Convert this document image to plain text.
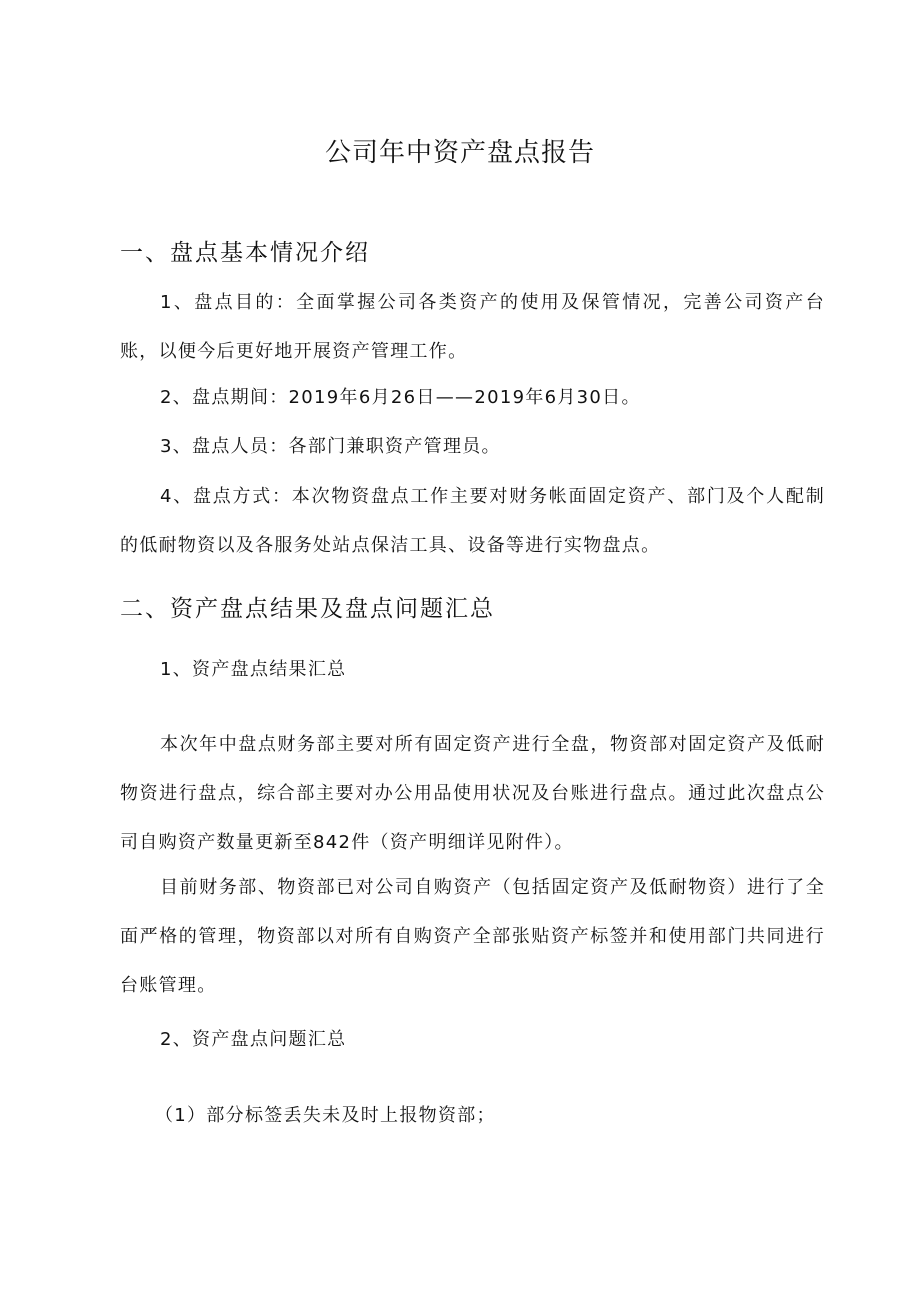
公司年中资产盘点报告
一、盘点基本情况介绍

1、盘点目的：全面掌握公司各类资产的使用及保管情况，完善公司资产台账，以便今后更好地开展资产管理工作。

2、盘点期间：2019年6月26日——2019年6月30日。

3、盘点人员：各部门兼职资产管理员。

4、盘点方式：本次物资盘点工作主要对财务帐面固定资产、部门及个人配制的低耐物资以及各服务处站点保洁工具、设备等进行实物盘点。

二、资产盘点结果及盘点问题汇总

1、资产盘点结果汇总

本次年中盘点财务部主要对所有固定资产进行全盘，物资部对固定资产及低耐物资进行盘点，综合部主要对办公用品使用状况及台账进行盘点。通过此次盘点公司自购资产数量更新至842件（资产明细详见附件）。

目前财务部、物资部已对公司自购资产（包括固定资产及低耐物资）进行了全面严格的管理，物资部以对所有自购资产全部张贴资产标签并和使用部门共同进行台账管理。

2、资产盘点问题汇总

（1）部分标签丢失未及时上报物资部；
